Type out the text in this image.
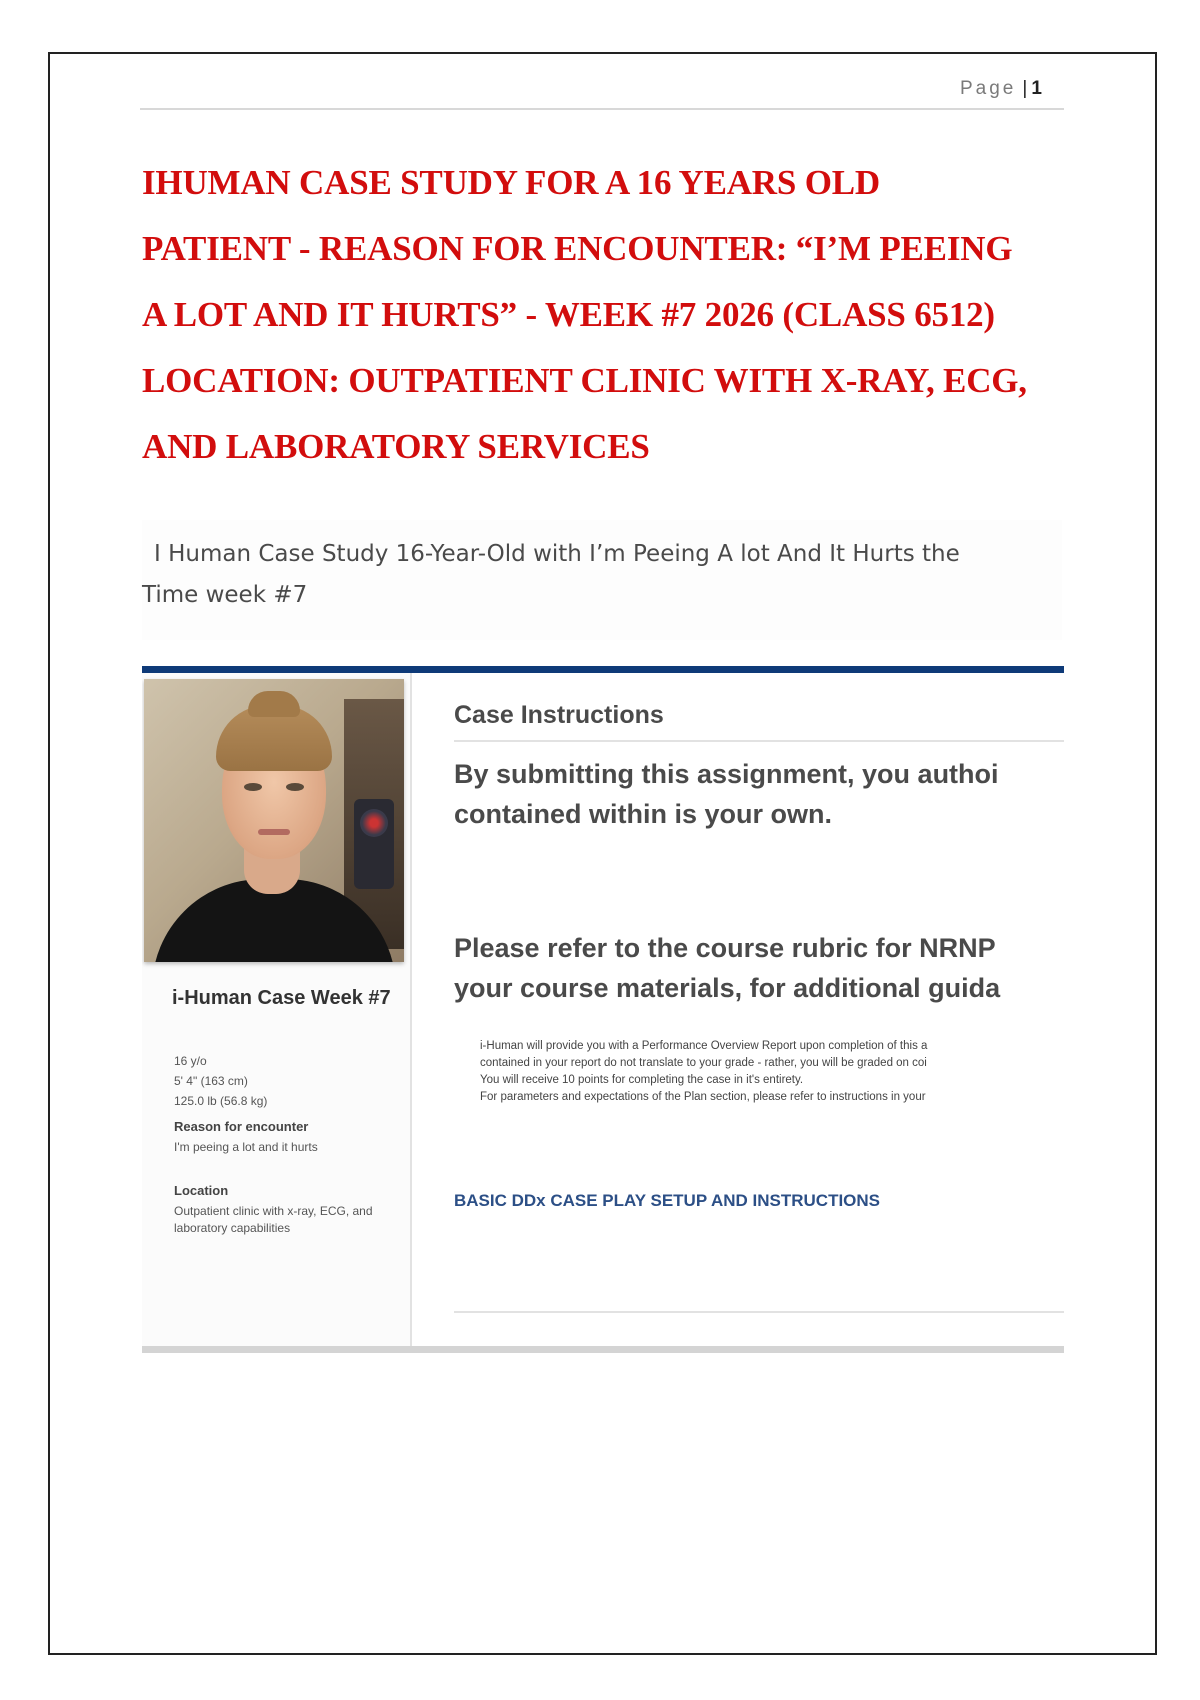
Page | 1
IHUMAN CASE STUDY FOR A 16 YEARS OLD
PATIENT - REASON FOR ENCOUNTER: “I’M PEEING
A LOT AND IT HURTS” - WEEK #7 2026 (CLASS 6512)
LOCATION: OUTPATIENT CLINIC WITH X-RAY, ECG,
AND LABORATORY SERVICES
I Human Case Study 16-Year-Old with I’m Peeing A lot And It Hurts the
Time week #7
i-Human Case Week #7
16 y/o
5' 4" (163 cm)
125.0 lb (56.8 kg)
Reason for encounter
I'm peeing a lot and it hurts
Location
Outpatient clinic with x-ray, ECG, and laboratory capabilities
Case Instructions
By submitting this assignment, you authoi
contained within is your own.
Please refer to the course rubric for NRNP
your course materials, for additional guida
• i-Human will provide you with a Performance Overview Report upon completion of this a
contained in your report do not translate to your grade - rather, you will be graded on coi
• You will receive 10 points for completing the case in it's entirety.
• For parameters and expectations of the Plan section, please refer to instructions in your
BASIC DDx CASE PLAY SETUP AND INSTRUCTIONS
